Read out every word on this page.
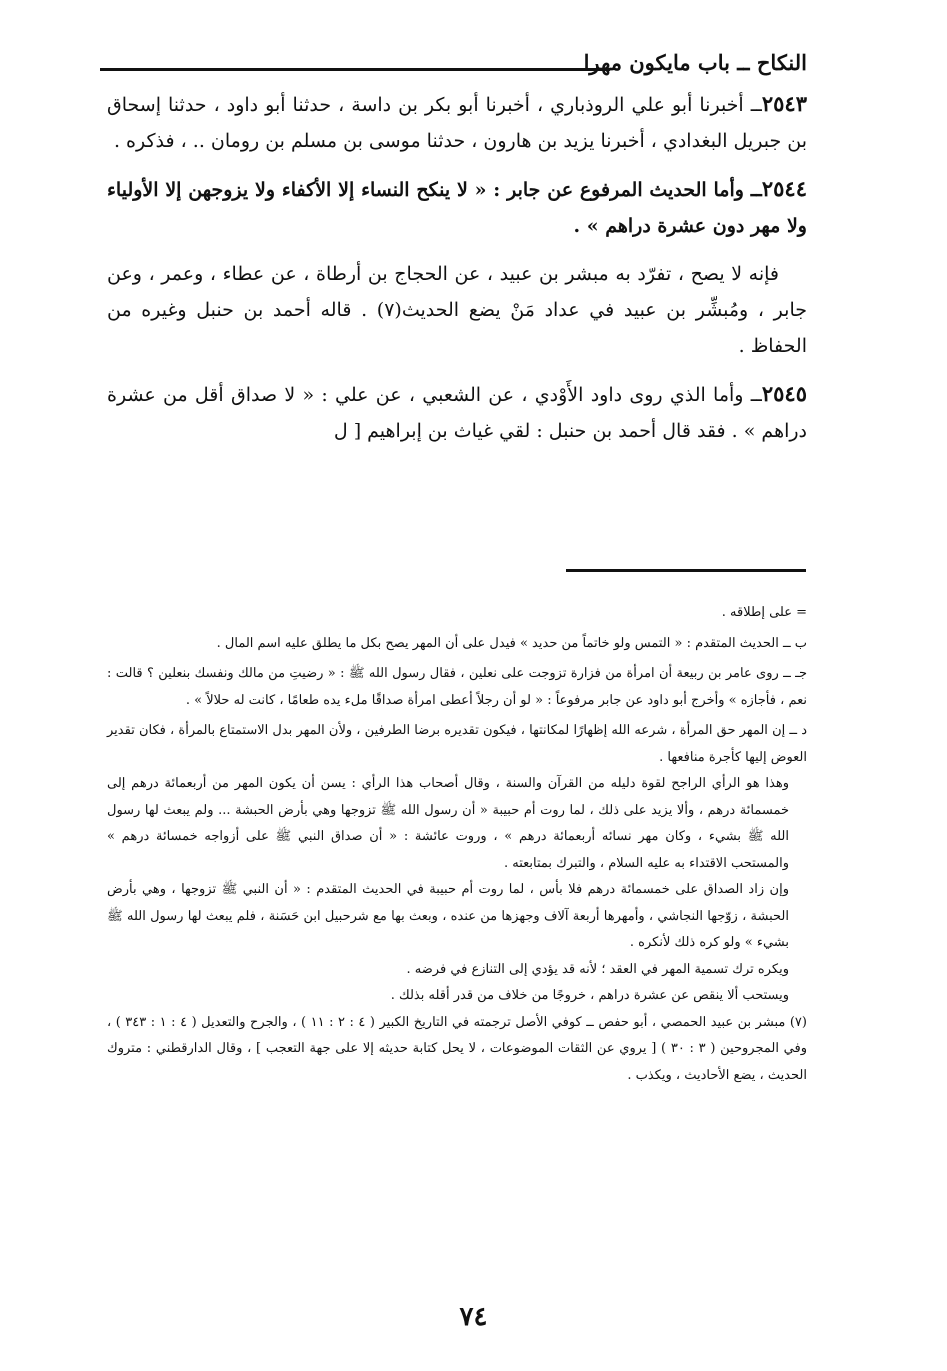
النكاح ــ باب مايكون مهرا

٢٥٤٣ــ أخبرنا أبو علي الروذباري ، أخبرنا أبو بكر بن داسة ، حدثنا أبو داود ، حدثنا إسحاق بن جبريل البغدادي ، أخبرنا يزيد بن هارون ، حدثنا موسى بن مسلم بن رومان .. ، فذكره .

٢٥٤٤ــ وأما الحديث المرفوع عن جابر : « لا ينكح النساء إلا الأكفاء ولا يزوجهن إلا الأولياء ولا مهر دون عشرة دراهم » .

فإنه لا يصح ، تفرّد به مبشر بن عبيد ، عن الحجاج بن أرطاة ، عن عطاء ، وعمر ، وعن جابر ، ومُبشِّر بن عبيد في عداد مَنْ يضع الحديث(٧) . قاله أحمد بن حنبل وغيره من الحفاظ .

٢٥٤٥ــ وأما الذي روى داود الأَوْدي ، عن الشعبي ، عن علي : « لا صداق أقل من عشرة دراهم » . فقد قال أحمد بن حنبل : لقي غياث بن إبراهيم [ ل

= على إطلاقه .

ب ــ الحديث المتقدم : « التمس ولو خاتماً من حديد » فيدل على أن المهر يصح بكل ما يطلق عليه اسم المال .

جـ ــ روى عامر بن ربيعة أن امرأة من فزارة تزوجت على نعلين ، فقال رسول الله ﷺ : « رضيتِ من مالك ونفسك بنعلين ؟ قالت : نعم ، فأجازه » وأخرج أبو داود عن جابر مرفوعاً : « لو أن رجلاً أعطى امرأة صداقًا ملء يده طعامًا ، كانت له حلالاً » .

د ــ إن المهر حق المرأة ، شرعه الله إظهارًا لمكانتها ، فيكون تقديره برضا الطرفين ، ولأن المهر بدل الاستمتاع بالمرأة ، فكان تقدير العوض إليها كأجرة منافعها .

وهذا هو الرأي الراجح لقوة دليله من القرآن والسنة ، وقال أصحاب هذا الرأي : يسن أن يكون المهر من أربعمائة درهم إلى خمسمائة درهم ، وألا يزيد على ذلك ، لما روت أم حبيبة « أن رسول الله ﷺ تزوجها وهي بأرض الحبشة ... ولم يبعث لها رسول الله ﷺ بشيء ، وكان مهر نسائه أربعمائة درهم » ، وروت عائشة : « أن صداق النبي ﷺ على أزواجه خمسائة درهم » والمستحب الاقتداء به عليه السلام ، والتبرك بمتابعته .

وإن زاد الصداق على خمسمائة درهم فلا بأس ، لما روت أم حبيبة في الحديث المتقدم : « أن النبي ﷺ تزوجها ، وهي بأرض الحبشة ، زوّجها النجاشي ، وأمهرها أربعة آلاف وجهزها من عنده ، وبعث بها مع شرحبيل ابن حَسَنة ، فلم يبعث لها رسول الله ﷺ بشيء » ولو كره ذلك لأنكره .

ويكره ترك تسمية المهر في العقد ؛ لأنه قد يؤدي إلى التنازع في فرضه .

ويستحب ألا ينقص عن عشرة دراهم ، خروجًا من خلاف من قدر أقله بذلك .

(٧) مبشر بن عبيد الحمصي ، أبو حفص ــ كوفي الأصل ترجمته في التاريخ الكبير ( ٤ : ٢ : ١١ ) ، والجرح والتعديل ( ٤ : ١ : ٣٤٣ ) ، وفي المجروحين ( ٣ : ٣٠ ) [ يروي عن الثقات الموضوعات ، لا يحل كتابة حديثه إلا على جهة التعجب ] ، وقال الدارقطني : متروك الحديث ، يضع الأحاديث ، ويكذب .

٧٤
